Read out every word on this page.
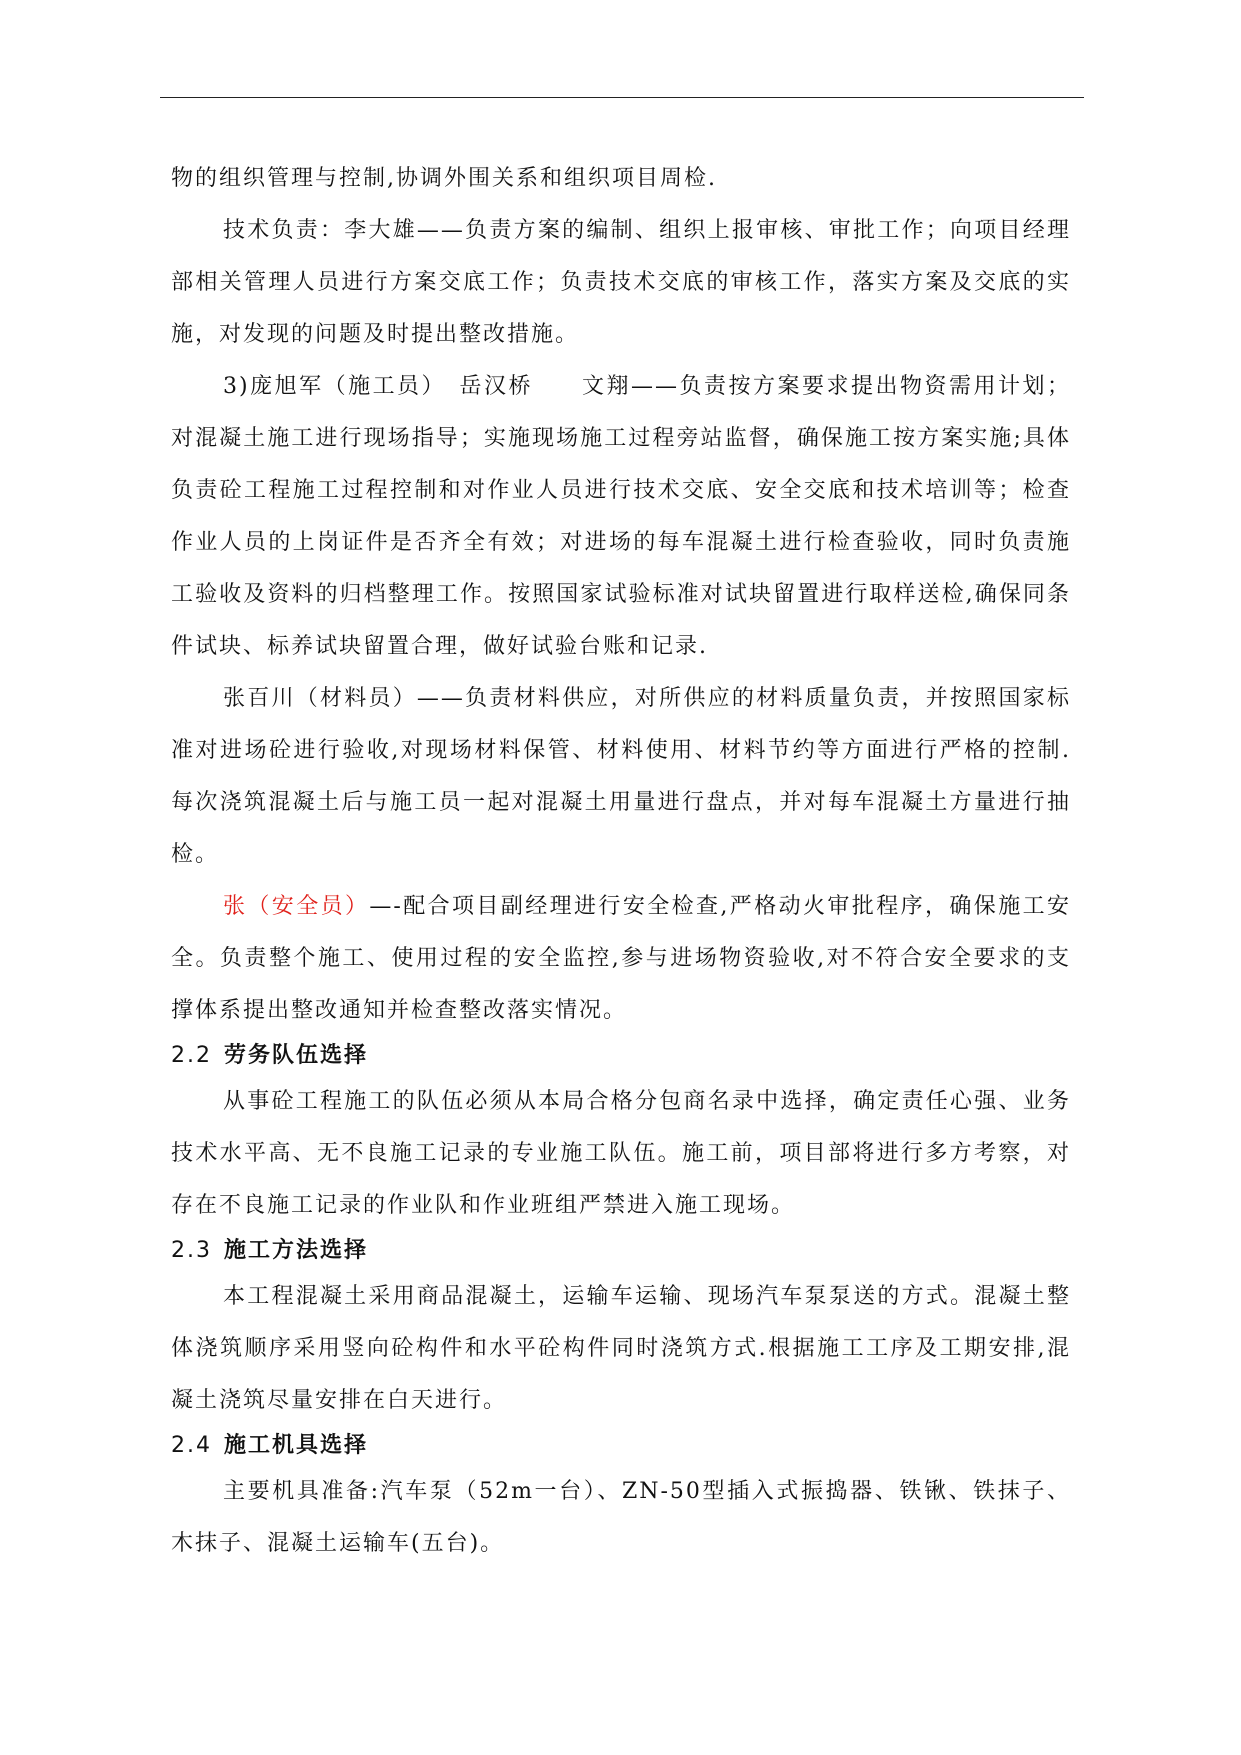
物的组织管理与控制,协调外围关系和组织项目周检.

技术负责：李大雄——负责方案的编制、组织上报审核、审批工作；向项目经理部相关管理人员进行方案交底工作；负责技术交底的审核工作，落实方案及交底的实施，对发现的问题及时提出整改措施。

3)庞旭军（施工员）　岳汉桥　　文翔——负责按方案要求提出物资需用计划；对混凝土施工进行现场指导；实施现场施工过程旁站监督，确保施工按方案实施;具体负责砼工程施工过程控制和对作业人员进行技术交底、安全交底和技术培训等；检查作业人员的上岗证件是否齐全有效；对进场的每车混凝土进行检查验收，同时负责施工验收及资料的归档整理工作。按照国家试验标准对试块留置进行取样送检,确保同条件试块、标养试块留置合理，做好试验台账和记录.

张百川（材料员）——负责材料供应，对所供应的材料质量负责，并按照国家标准对进场砼进行验收,对现场材料保管、材料使用、材料节约等方面进行严格的控制.每次浇筑混凝土后与施工员一起对混凝土用量进行盘点，并对每车混凝土方量进行抽检。

张（安全员）—-配合项目副经理进行安全检查,严格动火审批程序，确保施工安全。负责整个施工、使用过程的安全监控,参与进场物资验收,对不符合安全要求的支撑体系提出整改通知并检查整改落实情况。

2.2 劳务队伍选择

从事砼工程施工的队伍必须从本局合格分包商名录中选择，确定责任心强、业务技术水平高、无不良施工记录的专业施工队伍。施工前，项目部将进行多方考察，对存在不良施工记录的作业队和作业班组严禁进入施工现场。

2.3 施工方法选择

本工程混凝土采用商品混凝土，运输车运输、现场汽车泵泵送的方式。混凝土整体浇筑顺序采用竖向砼构件和水平砼构件同时浇筑方式.根据施工工序及工期安排,混凝土浇筑尽量安排在白天进行。

2.4 施工机具选择

主要机具准备:汽车泵（52m一台）、ZN-50型插入式振捣器、铁锹、铁抹子、木抹子、混凝土运输车(五台)。
